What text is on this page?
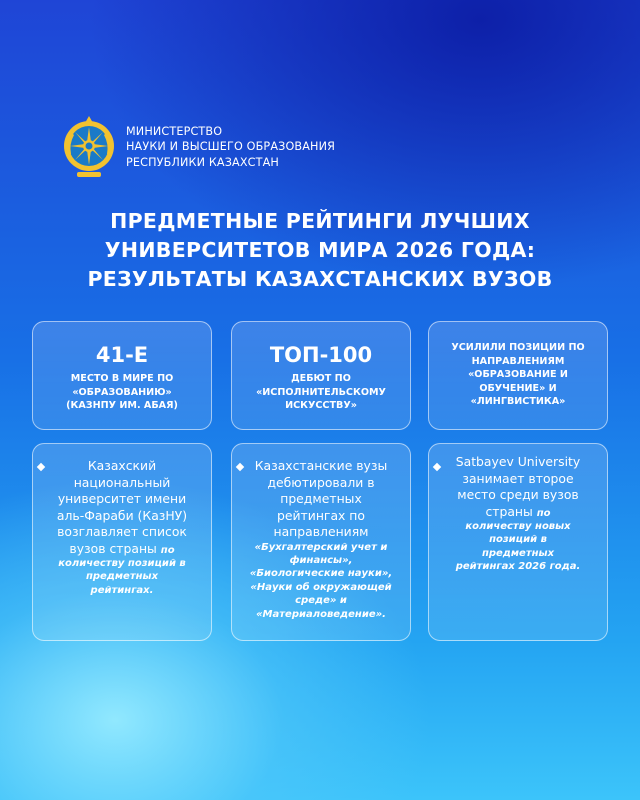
МИНИСТЕРСТВО
НАУКИ И ВЫСШЕГО ОБРАЗОВАНИЯ
РЕСПУБЛИКИ КАЗАХСТАН
ПРЕДМЕТНЫЕ РЕЙТИНГИ ЛУЧШИХ
УНИВЕРСИТЕТОВ МИРА 2026 ГОДА:
РЕЗУЛЬТАТЫ КАЗАХСТАНСКИХ ВУЗОВ
41-Е
МЕСТО В МИРЕ ПО
«ОБРАЗОВАНИЮ»
(КАЗНПУ ИМ. АБАЯ)
ТОП-100
ДЕБЮТ ПО
«ИСПОЛНИТЕЛЬСКОМУ
ИСКУССТВУ»
УСИЛИЛИ ПОЗИЦИИ ПО
НАПРАВЛЕНИЯМ
«ОБРАЗОВАНИЕ И
ОБУЧЕНИЕ» И
«ЛИНГВИСТИКА»
Казахский
национальный
университет имени
аль-Фараби (КазНУ)
возглавляет список
вузов страны по
количеству позиций в
предметных
рейтингах.
Казахстанские вузы
дебютировали в
предметных
рейтингах по
направлениям
«Бухгалтерский учет и
финансы»,
«Биологические науки»,
«Науки об окружающей
среде» и
«Материаловедение».
Satbayev University
занимает второе
место среди вузов
страны по
количеству новых
позиций в
предметных
рейтингах 2026 года.
